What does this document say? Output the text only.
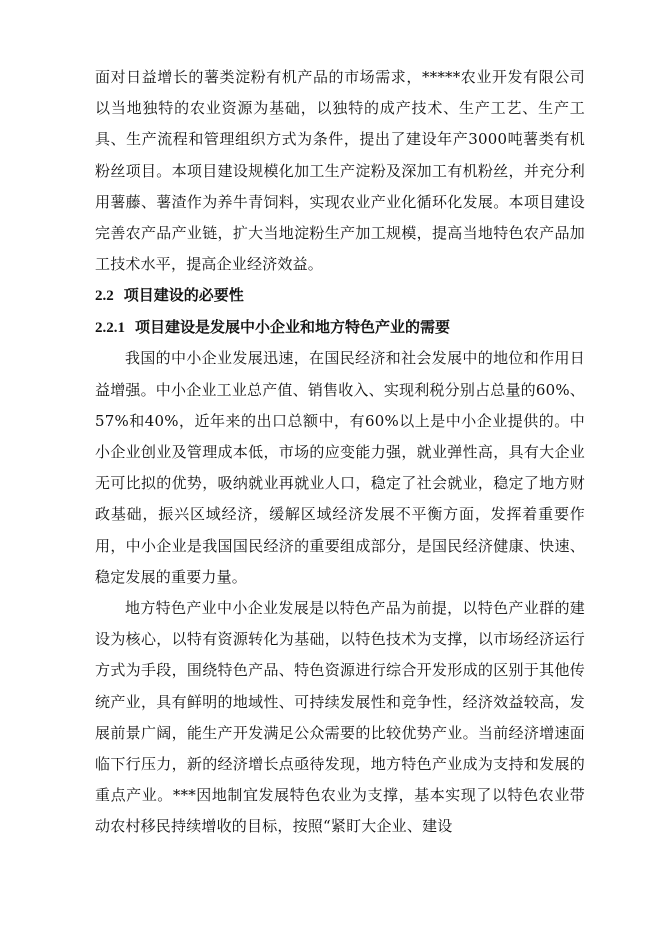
面对日益增长的薯类淀粉有机产品的市场需求，*****农业开发有限公司以当地独特的农业资源为基础，以独特的成产技术、生产工艺、生产工具、生产流程和管理组织方式为条件，提出了建设年产3000吨薯类有机粉丝项目。本项目建设规模化加工生产淀粉及深加工有机粉丝，并充分利用薯藤、薯渣作为养牛青饲料，实现农业产业化循环化发展。本项目建设完善农产品产业链，扩大当地淀粉生产加工规模，提高当地特色农产品加工技术水平，提高企业经济效益。

2.2 项目建设的必要性
2.2.1 项目建设是发展中小企业和地方特色产业的需要

我国的中小企业发展迅速，在国民经济和社会发展中的地位和作用日益增强。中小企业工业总产值、销售收入、实现利税分别占总量的60%、57%和40%，近年来的出口总额中，有60%以上是中小企业提供的。中小企业创业及管理成本低，市场的应变能力强，就业弹性高，具有大企业无可比拟的优势，吸纳就业再就业人口，稳定了社会就业，稳定了地方财政基础，振兴区域经济，缓解区域经济发展不平衡方面，发挥着重要作用，中小企业是我国国民经济的重要组成部分，是国民经济健康、快速、稳定发展的重要力量。

地方特色产业中小企业发展是以特色产品为前提，以特色产业群的建设为核心，以特有资源转化为基础，以特色技术为支撑，以市场经济运行方式为手段，围绕特色产品、特色资源进行综合开发形成的区别于其他传统产业，具有鲜明的地域性、可持续发展性和竞争性，经济效益较高，发展前景广阔，能生产开发满足公众需要的比较优势产业。当前经济增速面临下行压力，新的经济增长点亟待发现，地方特色产业成为支持和发展的重点产业。***因地制宜发展特色农业为支撑，基本实现了以特色农业带动农村移民持续增收的目标，按照“紧盯大企业、建设
